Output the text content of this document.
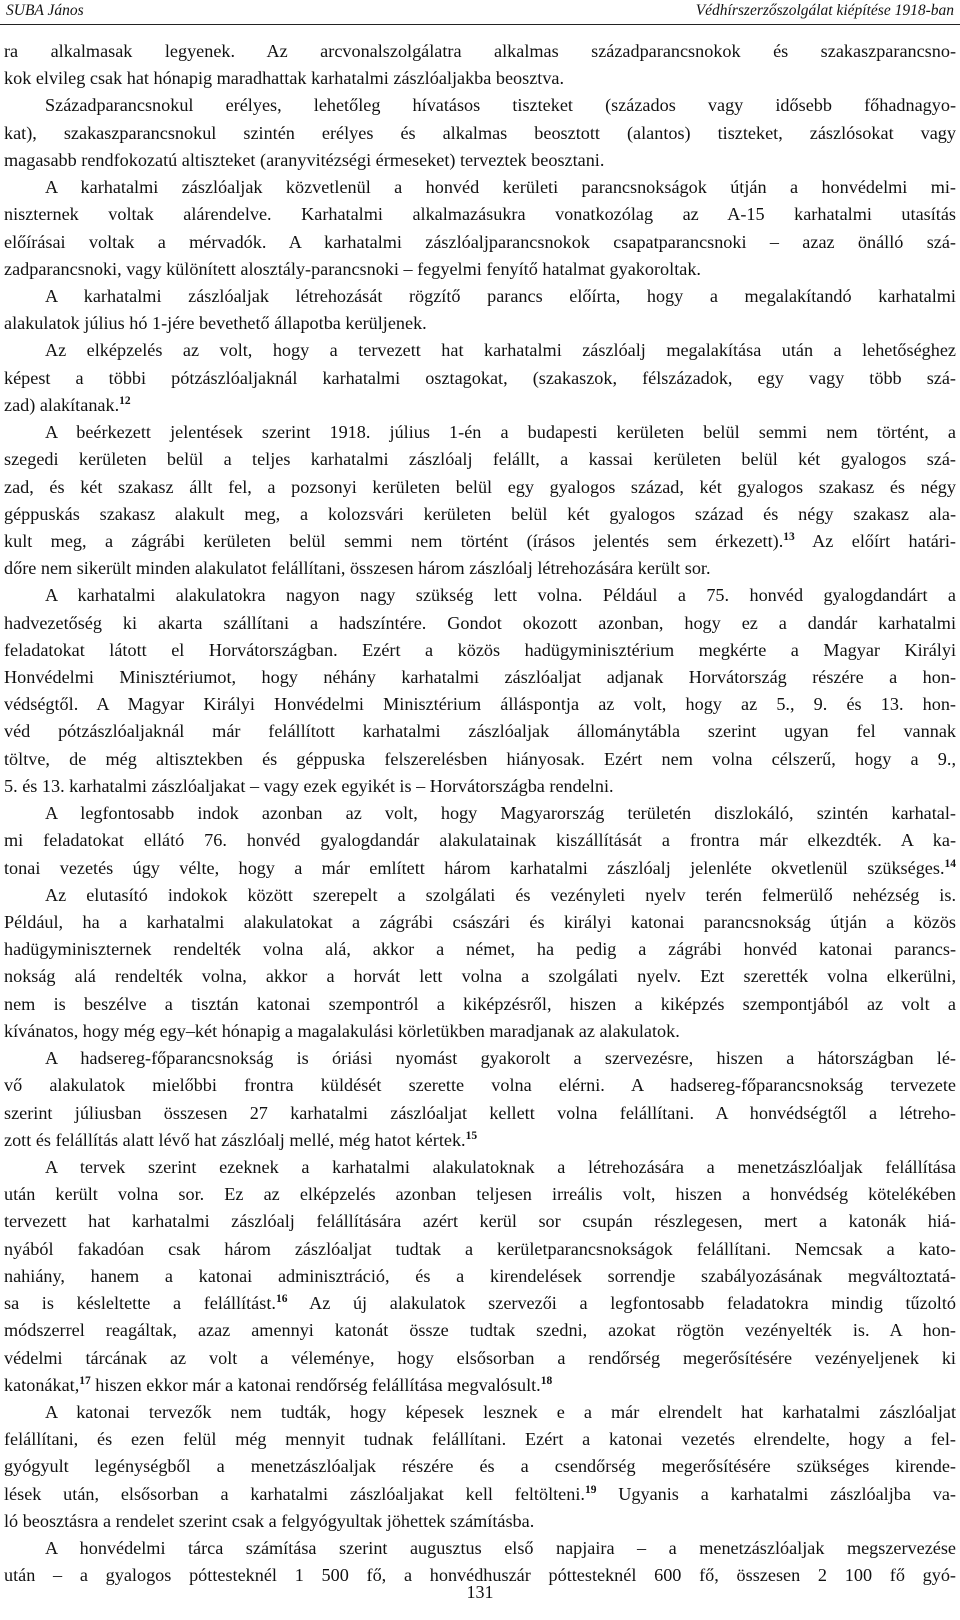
SUBA János	Védhírszerzőszolgálat kiépítése 1918-ban
ra alkalmasak legyenek. Az arcvonalszolgálatra alkalmas századparancsnokok és szakaszparancsno-
kok elvileg csak hat hónapig maradhattak karhatalmi zászlóaljakba beosztva.
Századparancsnokul erélyes, lehetőleg hívatásos tiszteket (százados vagy idősebb főhadnagyo-
kat), szakaszparancsnokul szintén erélyes és alkalmas beosztott (alantos) tiszteket, zászlósokat vagy
magasabb rendfokozatú altiszteket (aranyvitézségi érmeseket) terveztek beosztani.
A karhatalmi zászlóaljak közvetlenül a honvéd kerületi parancsnokságok útján a honvédelmi mi-
niszternek voltak alárendelve. Karhatalmi alkalmazásukra vonatkozólag az A-15 karhatalmi utasítás
előírásai voltak a mérvadók. A karhatalmi zászlóaljparancsnokok csapatparancsnoki – azaz önálló szá-
zadparancsnoki, vagy különített alosztály-parancsnoki – fegyelmi fenyítő hatalmat gyakoroltak.
A karhatalmi zászlóaljak létrehozását rögzítő parancs előírta, hogy a megalakítandó karhatalmi
alakulatok július hó 1-jére bevethető állapotba kerüljenek.
Az elképzelés az volt, hogy a tervezett hat karhatalmi zászlóalj megalakítása után a lehetőséghez
képest a többi pótzászlóaljaknál karhatalmi osztagokat, (szakaszok, félszázadok, egy vagy több szá-
zad) alakítanak.$^{12}$
A beérkezett jelentések szerint 1918. július 1-én a budapesti kerületen belül semmi nem történt, a
szegedi kerületen belül a teljes karhatalmi zászlóalj felállt, a kassai kerületen belül két gyalogos szá-
zad, és két szakasz állt fel, a pozsonyi kerületen belül egy gyalogos század, két gyalogos szakasz és négy
géppuskás szakasz alakult meg, a kolozsvári kerületen belül két gyalogos század és négy szakasz ala-
kult meg, a zágrábi kerületen belül semmi nem történt (írásos jelentés sem érkezett).$^{13}$ Az előírt határi-
dőre nem sikerült minden alakulatot felállítani, összesen három zászlóalj létrehozására került sor.
A karhatalmi alakulatokra nagyon nagy szükség lett volna. Például a 75. honvéd gyalogdandárt a
hadvezetőség ki akarta szállítani a hadszíntére. Gondot okozott azonban, hogy ez a dandár karhatalmi
feladatokat látott el Horvátországban. Ezért a közös hadügyminisztérium megkérte a Magyar Királyi
Honvédelmi Minisztériumot, hogy néhány karhatalmi zászlóaljat adjanak Horvátország részére a hon-
védségtől. A Magyar Királyi Honvédelmi Minisztérium álláspontja az volt, hogy az 5., 9. és 13. hon-
véd pótzászlóaljaknál már felállított karhatalmi zászlóaljak állománytábla szerint ugyan fel vannak
töltve, de még altisztekben és géppuska felszerelésben hiányosak. Ezért nem volna célszerű, hogy a 9.,
5. és 13. karhatalmi zászlóaljakat – vagy ezek egyikét is – Horvátországba rendelni.
A legfontosabb indok azonban az volt, hogy Magyarország területén diszlokáló, szintén karhatal-
mi feladatokat ellátó 76. honvéd gyalogdandár alakulatainak kiszállítását a frontra már elkezdték. A ka-
tonai vezetés úgy vélte, hogy a már említett három karhatalmi zászlóalj jelenléte okvetlenül szükséges.$^{14}$
Az elutasító indokok között szerepelt a szolgálati és vezényleti nyelv terén felmerülő nehézség is.
Például, ha a karhatalmi alakulatokat a zágrábi császári és királyi katonai parancsnokság útján a közös
hadügyminiszternek rendelték volna alá, akkor a német, ha pedig a zágrábi honvéd katonai parancs-
nokság alá rendelték volna, akkor a horvát lett volna a szolgálati nyelv. Ezt szerették volna elkerülni,
nem is beszélve a tisztán katonai szempontról a kiképzésről, hiszen a kiképzés szempontjából az volt a
kívánatos, hogy még egy–két hónapig a magalakulási körletükben maradjanak az alakulatok.
A hadsereg-főparancsnokság is óriási nyomást gyakorolt a szervezésre, hiszen a hátországban lé-
vő alakulatok mielőbbi frontra küldését szerette volna elérni. A hadsereg-főparancsnokság tervezete
szerint júliusban összesen 27 karhatalmi zászlóaljat kellett volna felállítani. A honvédségtől a létreho-
zott és felállítás alatt lévő hat zászlóalj mellé, még hatot kértek.$^{15}$
A tervek szerint ezeknek a karhatalmi alakulatoknak a létrehozására a menetzászlóaljak felállítása
után került volna sor. Ez az elképzelés azonban teljesen irreális volt, hiszen a honvédség kötelékében
tervezett hat karhatalmi zászlóalj felállítására azért kerül sor csupán részlegesen, mert a katonák hiá-
nyából fakadóan csak három zászlóaljat tudtak a kerületparancsnokságok felállítani. Nemcsak a kato-
nahiány, hanem a katonai adminisztráció, és a kirendelések sorrendje szabályozásának megváltoztatá-
sa is késleltette a felállítást.$^{16}$ Az új alakulatok szervezői a legfontosabb feladatokra mindig tűzoltó
módszerrel reagáltak, azaz amennyi katonát össze tudtak szedni, azokat rögtön vezényelték is. A hon-
védelmi tárcának az volt a véleménye, hogy elsősorban a rendőrség megerősítésére vezényeljenek ki
katonákat,$^{17}$ hiszen ekkor már a katonai rendőrség felállítása megvalósult.$^{18}$
A katonai tervezők nem tudták, hogy képesek lesznek e a már elrendelt hat karhatalmi zászlóaljat
felállítani, és ezen felül még mennyit tudnak felállítani. Ezért a katonai vezetés elrendelte, hogy a fel-
gyógyult legénységből a menetzászlóaljak részére és a csendőrség megerősítésére szükséges kirende-
lések után, elsősorban a karhatalmi zászlóaljakat kell feltölteni.$^{19}$ Ugyanis a karhatalmi zászlóaljba va-
ló beosztásra a rendelet szerint csak a felgyógyultak jöhettek számításba.
A honvédelmi tárca számítása szerint augusztus első napjaira – a menetzászlóaljak megszervezése
után – a gyalogos póttesteknél 1 500 fő, a honvédhuszár póttesteknél 600 fő, összesen 2 100 fő gyó-
131
